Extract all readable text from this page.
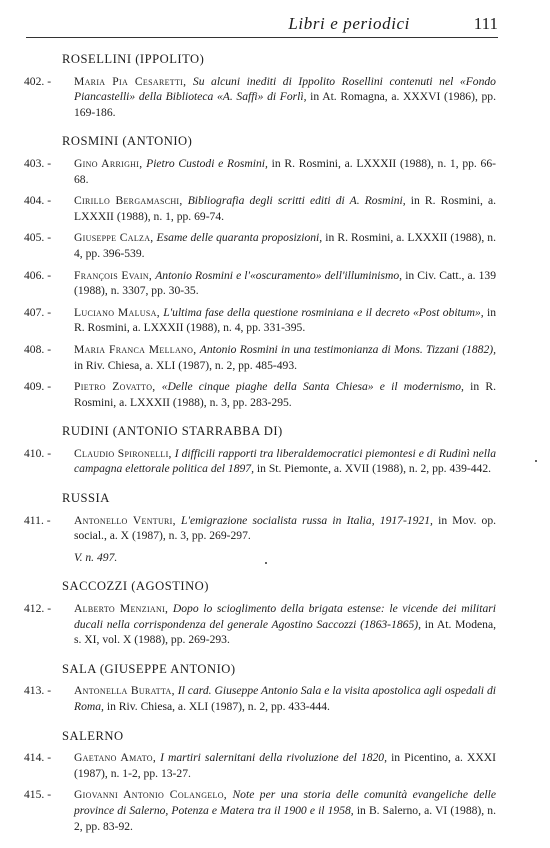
Libri e periodici	111
ROSELLINI (IPPOLITO)
402. -	Maria Pia Cesaretti, Su alcuni inediti di Ippolito Rosellini contenuti nel «Fondo Piancastelli» della Biblioteca «A. Saffi» di Forlì, in At. Romagna, a. XXXVI (1986), pp. 169-186.
ROSMINI (ANTONIO)
403. -	Gino Arrighi, Pietro Custodi e Rosmini, in R. Rosmini, a. LXXXII (1988), n. 1, pp. 66-68.
404. -	Cirillo Bergamaschi, Bibliografia degli scritti editi di A. Rosmini, in R. Rosmini, a. LXXXII (1988), n. 1, pp. 69-74.
405. -	Giuseppe Calza, Esame delle quaranta proposizioni, in R. Rosmini, a. LXXXII (1988), n. 4, pp. 396-539.
406. -	François Evain, Antonio Rosmini e l'«oscuramento» dell'illuminismo, in Civ. Catt., a. 139 (1988), n. 3307, pp. 30-35.
407. -	Luciano Malusa, L'ultima fase della questione rosminiana e il decreto «Post obitum», in R. Rosmini, a. LXXXII (1988), n. 4, pp. 331-395.
408. -	Maria Franca Mellano, Antonio Rosmini in una testimonianza di Mons. Tizzani (1882), in Riv. Chiesa, a. XLI (1987), n. 2, pp. 485-493.
409. -	Pietro Zovatto, «Delle cinque piaghe della Santa Chiesa» e il modernismo, in R. Rosmini, a. LXXXII (1988), n. 3, pp. 283-295.
RUDINI (ANTONIO STARRABBA DI)
410. -	Claudio Spironelli, I difficili rapporti tra liberaldemocratici piemontesi e di Rudinì nella campagna elettorale politica del 1897, in St. Piemonte, a. XVII (1988), n. 2, pp. 439-442.
RUSSIA
411. -	Antonello Venturi, L'emigrazione socialista russa in Italia, 1917-1921, in Mov. op. social., a. X (1987), n. 3, pp. 269-297.
V. n. 497.
SACCOZZI (AGOSTINO)
412. -	Alberto Menziani, Dopo lo scioglimento della brigata estense: le vicende dei militari ducali nella corrispondenza del generale Agostino Saccozzi (1863-1865), in At. Modena, s. XI, vol. X (1988), pp. 269-293.
SALA (GIUSEPPE ANTONIO)
413. -	Antonella Buratta, Il card. Giuseppe Antonio Sala e la visita apostolica agli ospedali di Roma, in Riv. Chiesa, a. XLI (1987), n. 2, pp. 433-444.
SALERNO
414. -	Gaetano Amato, I martiri salernitani della rivoluzione del 1820, in Picentino, a. XXXI (1987), n. 1-2, pp. 13-27.
415. -	Giovanni Antonio Colangelo, Note per una storia delle comunità evangeliche delle province di Salerno, Potenza e Matera tra il 1900 e il 1958, in B. Salerno, a. VI (1988), n. 2, pp. 83-92.
